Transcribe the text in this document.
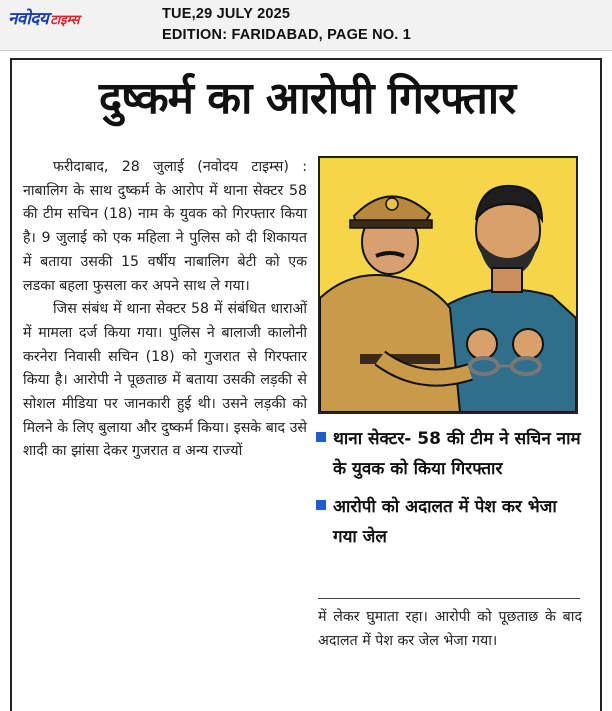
नवोदय टाइम्स	TUE,29 JULY 2025
EDITION: FARIDABAD, PAGE NO. 1
दुष्कर्म का आरोपी गिरफ्तार

फरीदाबाद, 28 जुलाई (नवोदय टाइम्स) : नाबालिग के साथ दुष्कर्म के आरोप में थाना सेक्टर 58 की टीम सचिन (18) नाम के युवक को गिरफ्तार किया है। 9 जुलाई को एक महिला ने पुलिस को दी शिकायत में बताया उसकी 15 वर्षीय नाबालिग बेटी को एक लडका बहला फुसला कर अपने साथ ले गया।

जिस संबंध में थाना सेक्टर 58 में संबंधित धाराओं में मामला दर्ज किया गया। पुलिस ने बालाजी कालोनी करनेरा निवासी सचिन (18) को गुजरात से गिरफ्तार किया है। आरोपी ने पूछताछ में बताया उसकी लड़की से सोशल मीडिया पर जानकारी हुई थी। उसने लड़की को मिलने के लिए बुलाया और दुष्कर्म किया। इसके बाद उसे शादी का झांसा देकर गुजरात व अन्य राज्यों

थाना सेक्टर- 58 की टीम ने सचिन नाम के युवक को किया गिरफ्तार
आरोपी को अदालत में पेश कर भेजा गया जेल

में लेकर घुमाता रहा। आरोपी को पूछताछ के बाद अदालत में पेश कर जेल भेजा गया।
